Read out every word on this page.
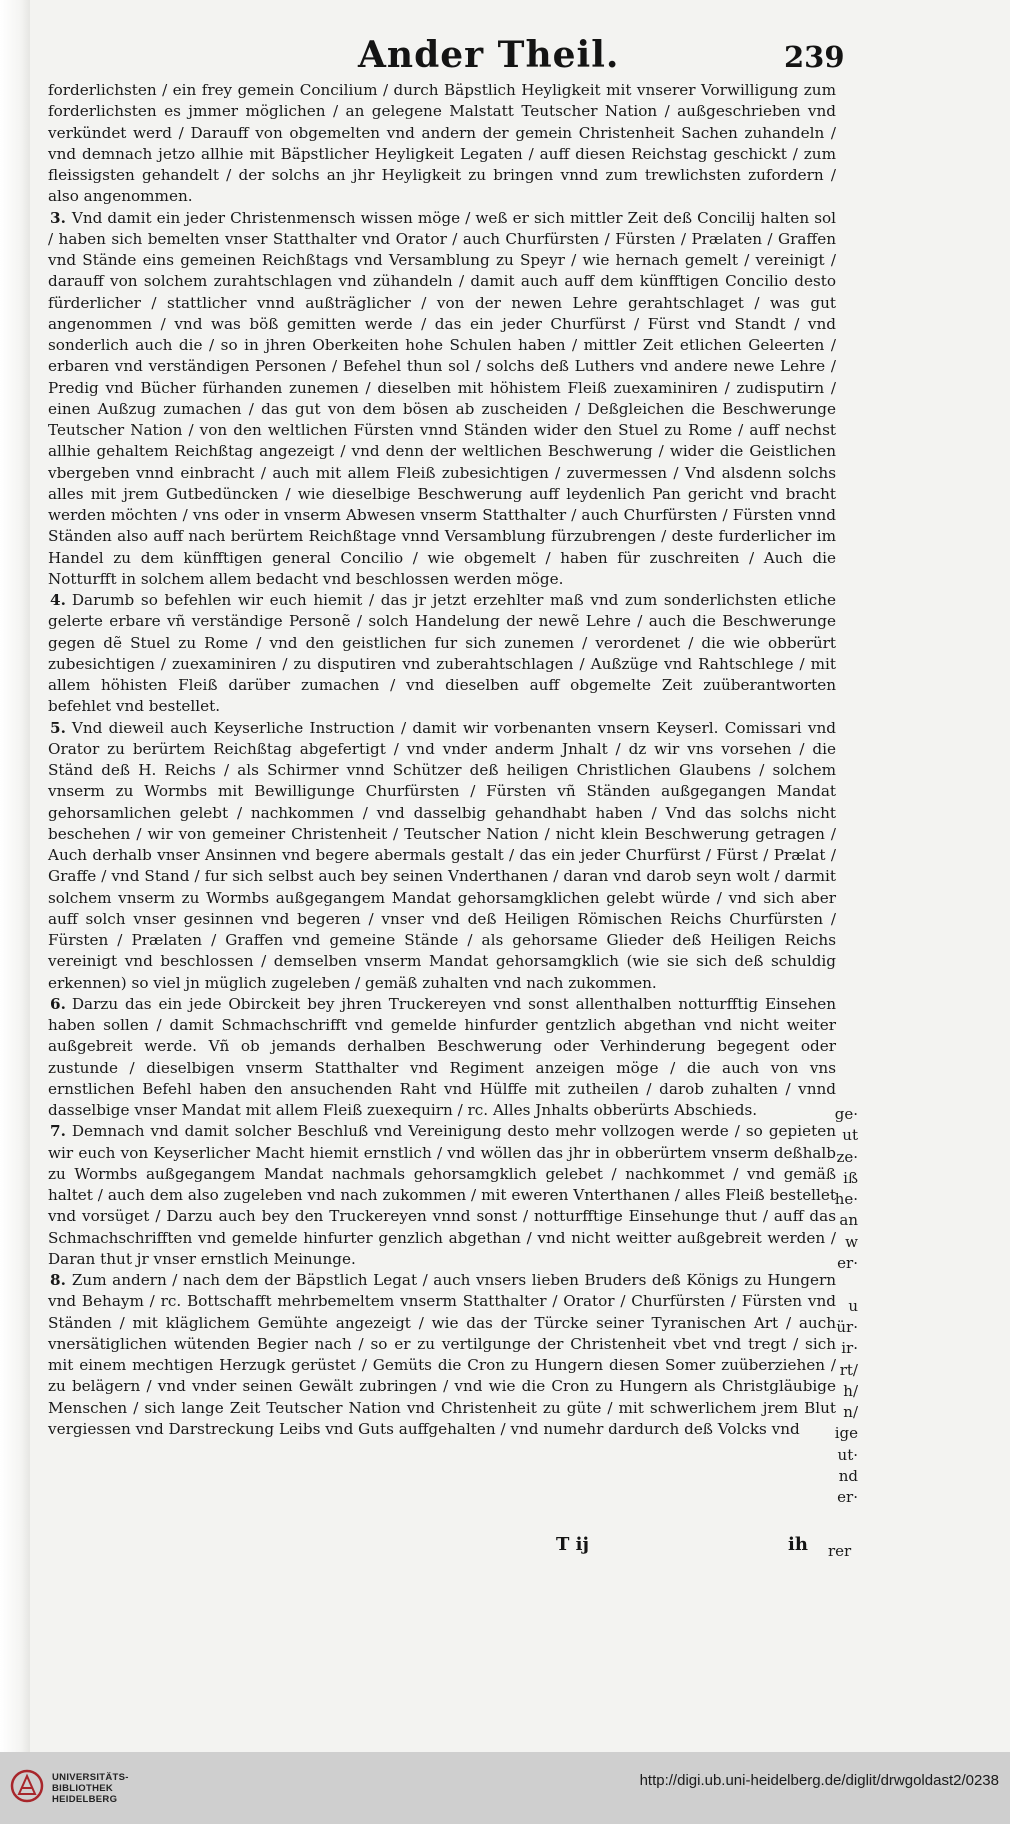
Ander Theil.	239

forderlichsten / ein frey gemein Concilium / durch Bäpstlich Heyligkeit mit vnserer Vorwilligung zum forderlichsten es jmmer möglichen / an gelegene Malstatt Teutscher Nation / außgeschrieben vnd verkündet werd / Darauff von obgemelten vnd andern der gemein Christenheit Sachen zuhandeln / vnd demnach jetzo allhie mit Bäpstlicher Heyligkeit Legaten / auff diesen Reichstag geschickt / zum fleissigsten gehandelt / der solchs an jhr Heyligkeit zu bringen vnnd zum trewlichsten zufordern / also angenommen.

3. Vnd damit ein jeder Christenmensch wissen möge / weß er sich mittler Zeit deß Concilij halten sol / haben sich bemelten vnser Statthalter vnd Orator / auch Churfürsten / Fürsten / Prælaten / Graffen vnd Stände eins gemeinen Reichßtags vnd Versamblung zu Speyr / wie hernach gemelt / vereinigt / darauff von solchem zurahtschlagen vnd zühandeln / damit auch auff dem künfftigen Concilio desto fürderlicher / stattlicher vnnd außträglicher / von der newen Lehre gerahtschlaget / was gut angenommen / vnd was böß gemitten werde / das ein jeder Churfürst / Fürst vnd Standt / vnd sonderlich auch die / so in jhren Oberkeiten hohe Schulen haben / mittler Zeit etlichen Geleerten / erbaren vnd verständigen Personen / Befehel thun sol / solchs deß Luthers vnd andere newe Lehre / Predig vnd Bücher fürhanden zunemen / dieselben mit höhistem Fleiß zuexaminiren / zudisputirn / einen Außzug zumachen / das gut von dem bösen ab zuscheiden / Deßgleichen die Beschwerunge Teutscher Nation / von den weltlichen Fürsten vnnd Ständen wider den Stuel zu Rome / auff nechst allhie gehaltem Reichßtag angezeigt / vnd denn der weltlichen Beschwerung / wider die Geistlichen vbergeben vnnd einbracht / auch mit allem Fleiß zubesichtigen / zuvermessen / Vnd alsdenn solchs alles mit jrem Gutbedüncken / wie dieselbige Beschwerung auff leydenlich Pan gericht vnd bracht werden möchten / vns oder in vnserm Abwesen vnserm Statthalter / auch Churfürsten / Fürsten vnnd Ständen also auff nach berürtem Reichßtage vnnd Versamblung fürzubrengen / deste furderlicher im Handel zu dem künfftigen general Concilio / wie obgemelt / haben für zuschreiten / Auch die Notturfft in solchem allem bedacht vnd beschlossen werden möge.

4. Darumb so befehlen wir euch hiemit / das jr jetzt erzehlter maß vnd zum sonderlichsten etliche gelerte erbare vñ verständige Personẽ / solch Handelung der newẽ Lehre / auch die Beschwerunge gegen dẽ Stuel zu Rome / vnd den geistlichen fur sich zunemen / verordenet / die wie obberürt zubesichtigen / zuexaminiren / zu disputiren vnd zuberahtschlagen / Außzüge vnd Rahtschlege / mit allem höhisten Fleiß darüber zumachen / vnd dieselben auff obgemelte Zeit zuüberantworten befehlet vnd bestellet.

5. Vnd dieweil auch Keyserliche Instruction / damit wir vorbenanten vnsern Keyserl. Comissari vnd Orator zu berürtem Reichßtag abgefertigt / vnd vnder anderm Jnhalt / dz wir vns vorsehen / die Ständ deß H. Reichs / als Schirmer vnnd Schützer deß heiligen Christlichen Glaubens / solchem vnserm zu Wormbs mit Bewilligunge Churfürsten / Fürsten vñ Ständen außgegangen Mandat gehorsamlichen gelebt / nachkommen / vnd dasselbig gehandhabt haben / Vnd das solchs nicht beschehen / wir von gemeiner Christenheit / Teutscher Nation / nicht klein Beschwerung getragen / Auch derhalb vnser Ansinnen vnd begere abermals gestalt / das ein jeder Churfürst / Fürst / Prælat / Graffe / vnd Stand / fur sich selbst auch bey seinen Vnderthanen / daran vnd darob seyn wolt / darmit solchem vnserm zu Wormbs außgegangem Mandat gehorsamgklichen gelebt würde / vnd sich aber auff solch vnser gesinnen vnd begeren / vnser vnd deß Heiligen Römischen Reichs Churfürsten / Fürsten / Prælaten / Graffen vnd gemeine Stände / als gehorsame Glieder deß Heiligen Reichs vereinigt vnd beschlossen / demselben vnserm Mandat gehorsamgklich (wie sie sich deß schuldig erkennen) so viel jn müglich zugeleben / gemäß zuhalten vnd nach zukommen.

6. Darzu das ein jede Obirckeit bey jhren Truckereyen vnd sonst allenthalben notturfftig Einsehen haben sollen / damit Schmachschrifft vnd gemelde hinfurder gentzlich abgethan vnd nicht weiter außgebreit werde. Vñ ob jemands derhalben Beschwerung oder Verhinderung begegent oder zustunde / dieselbigen vnserm Statthalter vnd Regiment anzeigen möge / die auch von vns ernstlichen Befehl haben den ansuchenden Raht vnd Hülffe mit zutheilen / darob zuhalten / vnnd dasselbige vnser Mandat mit allem Fleiß zuexequirn / rc. Alles Jnhalts obberürts Abschieds.

7. Demnach vnd damit solcher Beschluß vnd Vereinigung desto mehr vollzogen werde / so gepieten wir euch von Keyserlicher Macht hiemit ernstlich / vnd wöllen das jhr in obberürtem vnserm deßhalb zu Wormbs außgegangem Mandat nachmals gehorsamgklich gelebet / nachkommet / vnd gemäß haltet / auch dem also zugeleben vnd nach zukommen / mit eweren Vnterthanen / alles Fleiß bestellet vnd vorsüget / Darzu auch bey den Truckereyen vnnd sonst / notturfftige Einsehunge thut / auff das Schmachschrifften vnd gemelde hinfurter genzlich abgethan / vnd nicht weitter außgebreit werden / Daran thut jr vnser ernstlich Meinunge.

8. Zum andern / nach dem der Bäpstlich Legat / auch vnsers lieben Bruders deß Königs zu Hungern vnd Behaym / rc. Bottschafft mehrbemeltem vnserm Statthalter / Orator / Churfürsten / Fürsten vnd Ständen / mit kläglichem Gemühte angezeigt / wie das der Türcke seiner Tyranischen Art / auch vnersätiglichen wütenden Begier nach / so er zu vertilgunge der Christenheit vbet vnd tregt / sich mit einem mechtigen Herzugk gerüstet / Gemüts die Cron zu Hungern diesen Somer zuüberziehen / zu belägern / vnd vnder seinen Gewält zubringen / vnd wie die Cron zu Hungern als Christgläubige Menschen / sich lange Zeit Teutscher Nation vnd Christenheit zu güte / mit schwerlichem jrem Blut vergiessen vnd Darstreckung Leibs vnd Guts auffgehalten / vnd numehr dardurch deß Volcks vnd

ge·
ut
ze·
iß
he·
an
w
er·
u
ür·
ir·
rt/
h/
n/
ige
ut·
nd
er·
T ij	ih rer
UNIVERSITÄTS-
BIBLIOTHEK
HEIDELBERG
http://digi.ub.uni-heidelberg.de/diglit/drwgoldast2/0238
